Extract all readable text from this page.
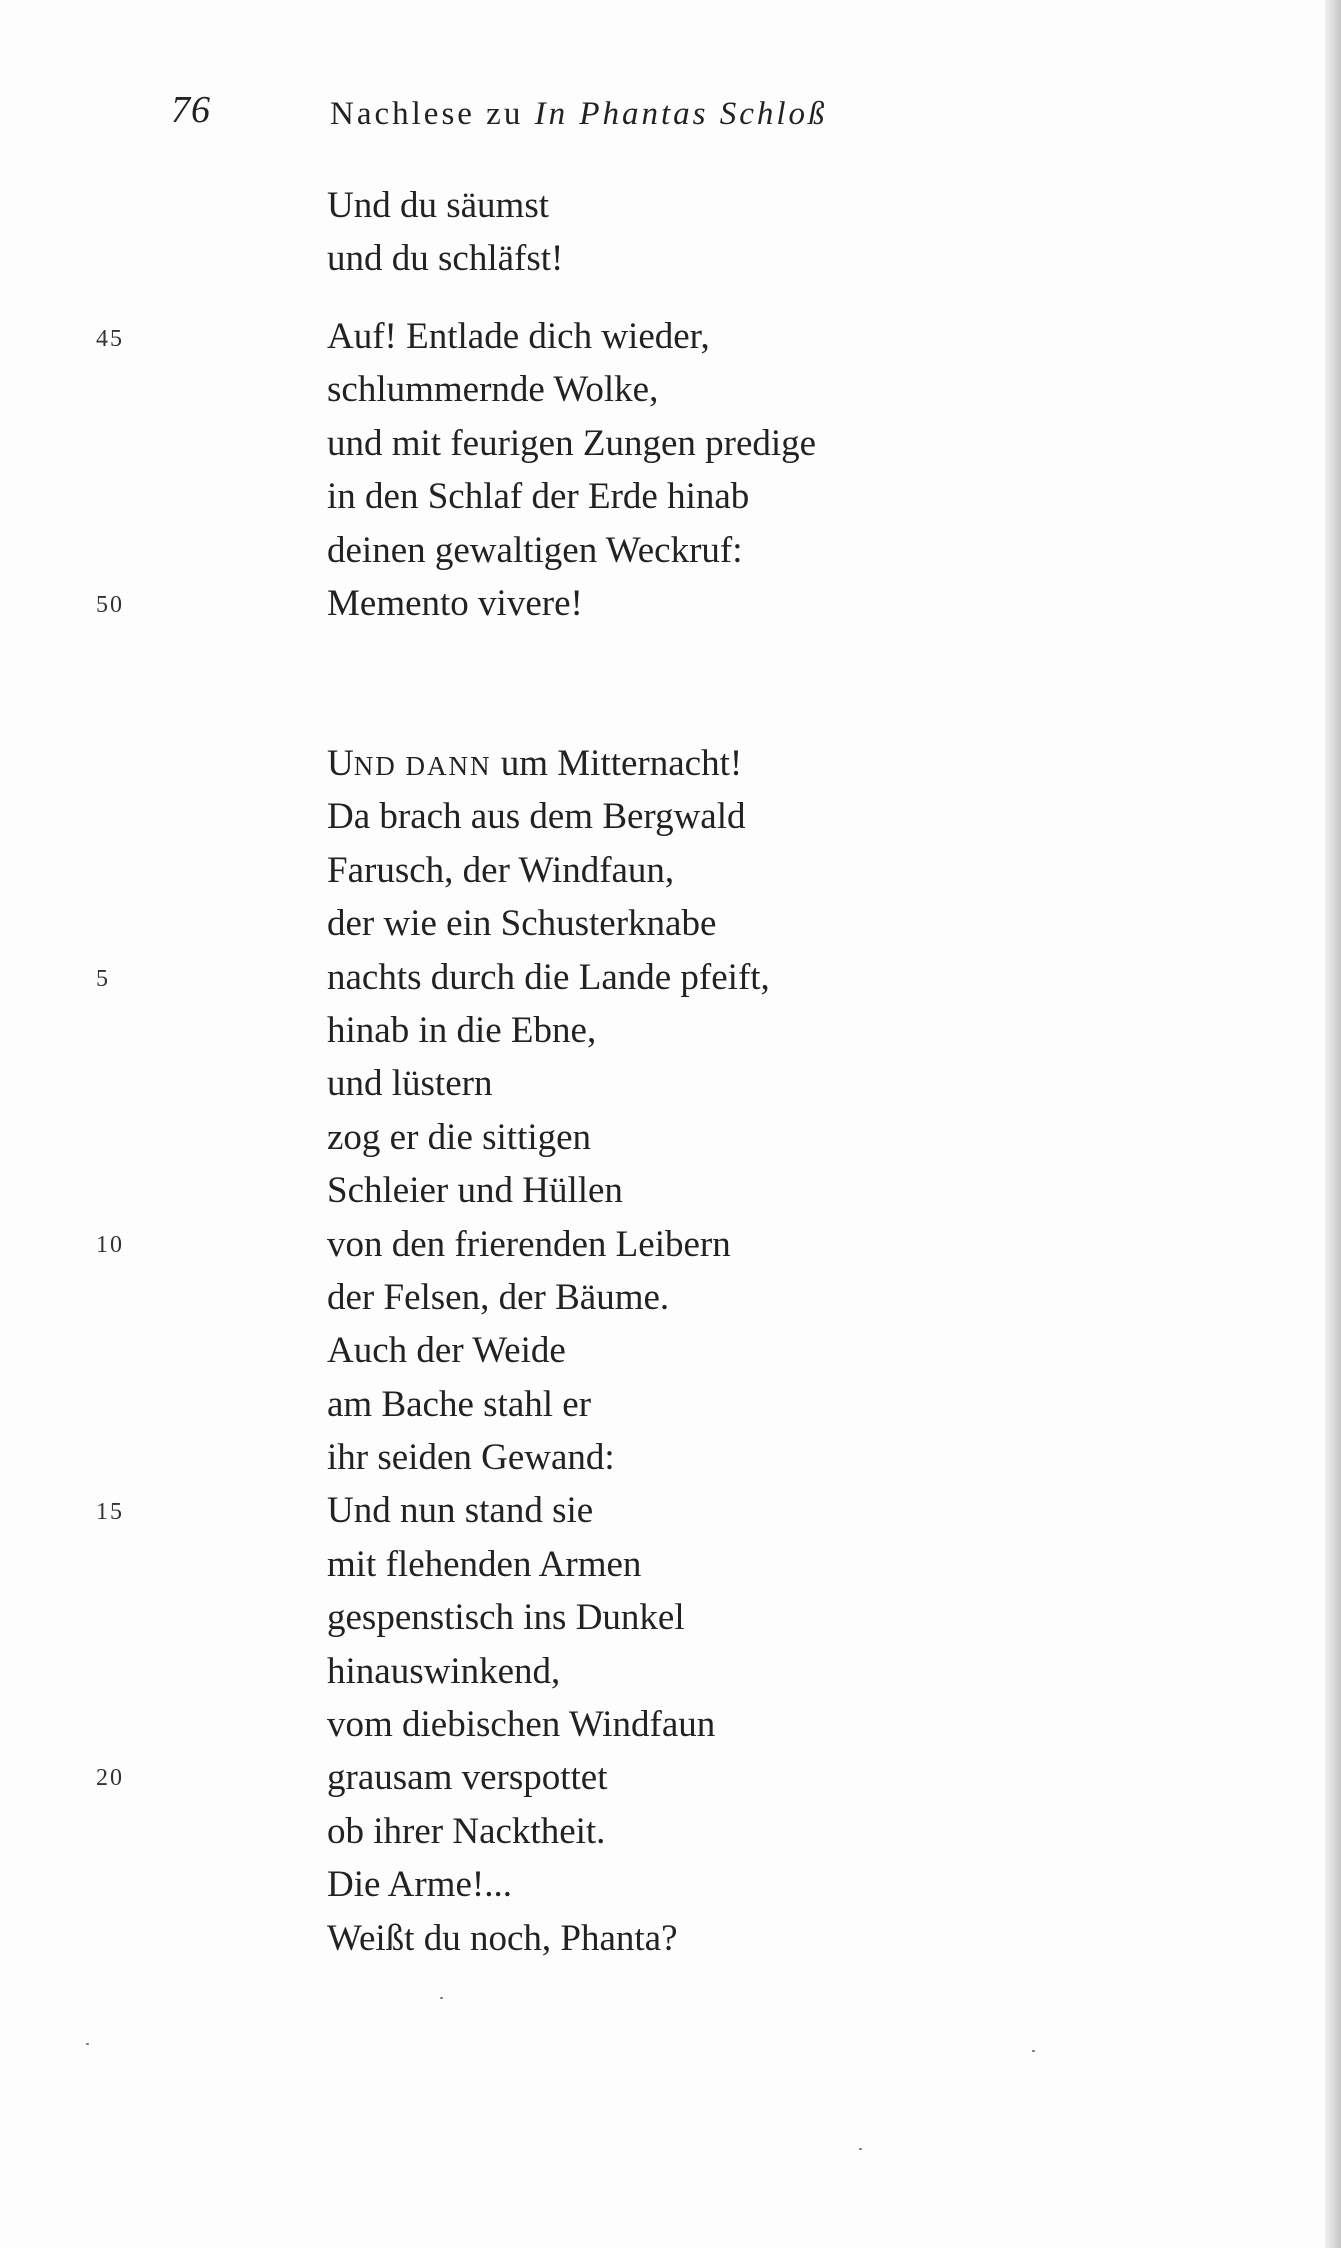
76	Nachlese zu In Phantas Schloß
Und du säumst
und du schläfst!
Auf! Entlade dich wieder,
schlummernde Wolke,
und mit feurigen Zungen predige
in den Schlaf der Erde hinab
deinen gewaltigen Weckruf:
Memento vivere!
45
50
UND DANN um Mitternacht!
Da brach aus dem Bergwald
Farusch, der Windfaun,
der wie ein Schusterknabe
nachts durch die Lande pfeift,
hinab in die Ebne,
und lüstern
zog er die sittigen
Schleier und Hüllen
von den frierenden Leibern
der Felsen, der Bäume.
Auch der Weide
am Bache stahl er
ihr seiden Gewand:
Und nun stand sie
mit flehenden Armen
gespenstisch ins Dunkel
hinauswinkend,
vom diebischen Windfaun
grausam verspottet
ob ihrer Nacktheit.
Die Arme!...
Weißt du noch, Phanta?
5
10
15
20
